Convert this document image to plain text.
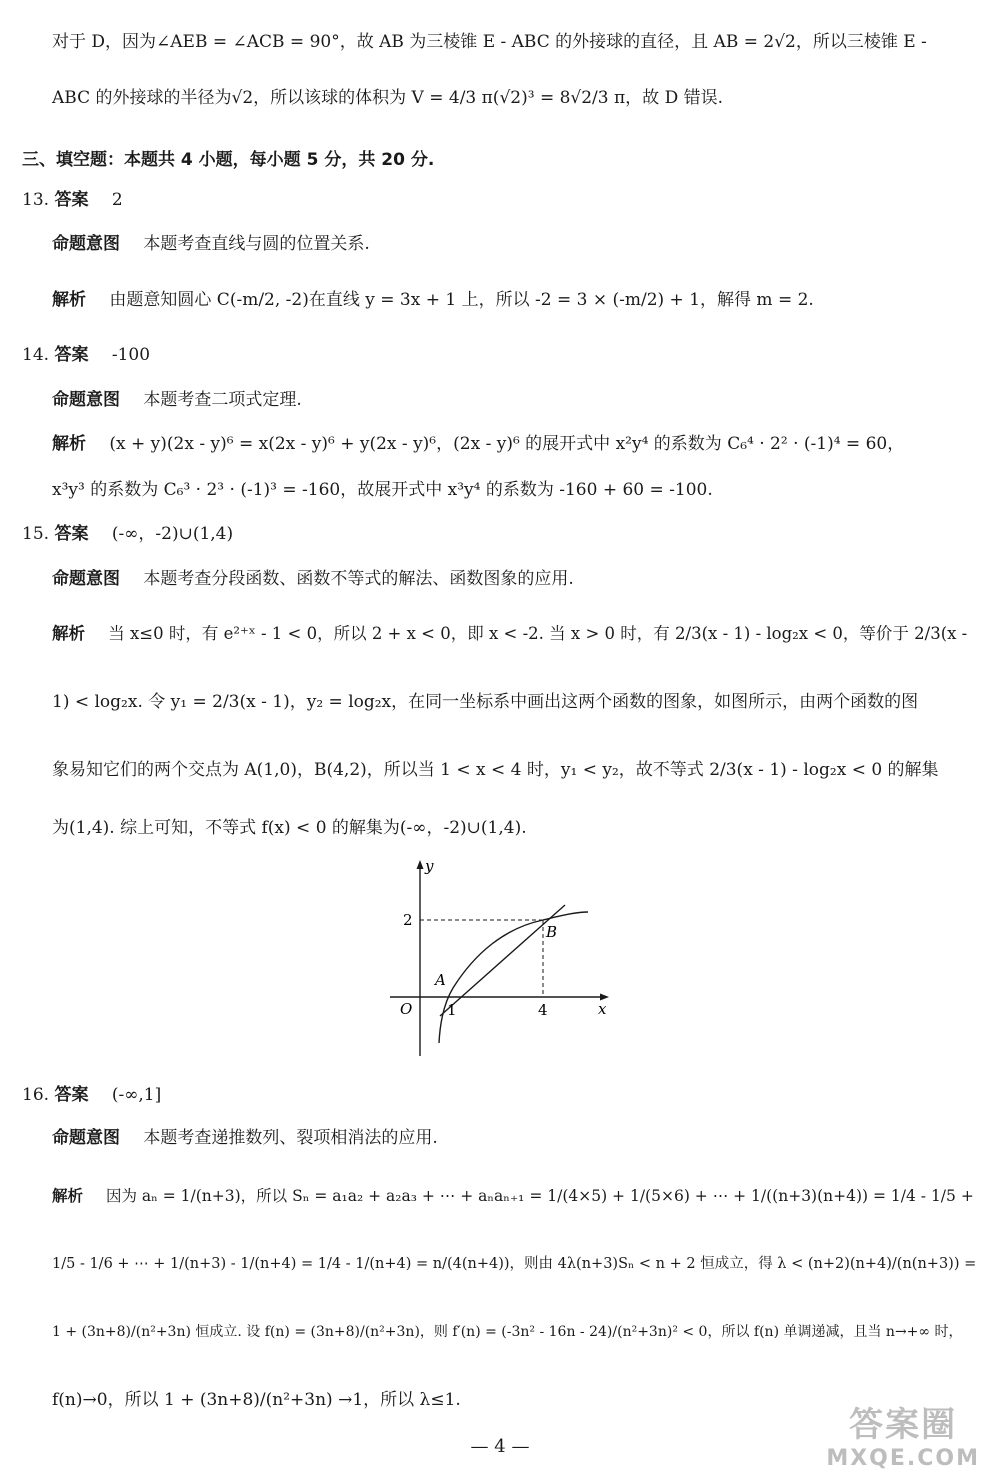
对于 D，因为∠AEB = ∠ACB = 90°，故 AB 为三棱锥 E - ABC 的外接球的直径，且 AB = 2√2，所以三棱锥 E -
ABC 的外接球的半径为√2，所以该球的体积为 V = 4/3 π(√2)³ = 8√2/3 π，故 D 错误.
三、填空题：本题共 4 小题，每小题 5 分，共 20 分.
13. 答案 2
命题意图 本题考查直线与圆的位置关系.
解析 由题意知圆心 C(-m/2, -2)在直线 y = 3x + 1 上，所以 -2 = 3 × (-m/2) + 1，解得 m = 2.
14. 答案 -100
命题意图 本题考查二项式定理.
解析 (x + y)(2x - y)⁶ = x(2x - y)⁶ + y(2x - y)⁶，(2x - y)⁶ 的展开式中 x²y⁴ 的系数为 C₆⁴ · 2² · (-1)⁴ = 60，
x³y³ 的系数为 C₆³ · 2³ · (-1)³ = -160，故展开式中 x³y⁴ 的系数为 -160 + 60 = -100.
15. 答案 (-∞，-2)∪(1,4)
命题意图 本题考查分段函数、函数不等式的解法、函数图象的应用.
解析 当 x≤0 时，有 e²⁺ˣ - 1 < 0，所以 2 + x < 0，即 x < -2. 当 x > 0 时，有 2/3(x - 1) - log₂x < 0，等价于 2/3(x -
1) < log₂x. 令 y₁ = 2/3(x - 1)，y₂ = log₂x，在同一坐标系中画出这两个函数的图象，如图所示，由两个函数的图
象易知它们的两个交点为 A(1,0)，B(4,2)，所以当 1 < x < 4 时，y₁ < y₂，故不等式 2/3(x - 1) - log₂x < 0 的解集
为(1,4). 综上可知，不等式 f(x) < 0 的解集为(-∞，-2)∪(1,4).
y
x
O
2
1	4
A
B
16. 答案 (-∞,1]
命题意图 本题考查递推数列、裂项相消法的应用.
解析 因为 aₙ = 1/(n+3)，所以 Sₙ = a₁a₂ + a₂a₃ + ⋯ + aₙaₙ₊₁ = 1/(4×5) + 1/(5×6) + ⋯ + 1/((n+3)(n+4)) = 1/4 - 1/5 +
1/5 - 1/6 + ⋯ + 1/(n+3) - 1/(n+4) = 1/4 - 1/(n+4) = n/(4(n+4))，则由 4λ(n+3)Sₙ < n + 2 恒成立，得 λ < (n+2)(n+4)/(n(n+3)) =
1 + (3n+8)/(n²+3n) 恒成立. 设 f(n) = (3n+8)/(n²+3n)，则 f′(n) = (-3n² - 16n - 24)/(n²+3n)² < 0，所以 f(n) 单调递减，且当 n→+∞ 时，
f(n)→0，所以 1 + (3n+8)/(n²+3n) →1，所以 λ≤1.
— 4 —
答案圈
MXQE.COM
